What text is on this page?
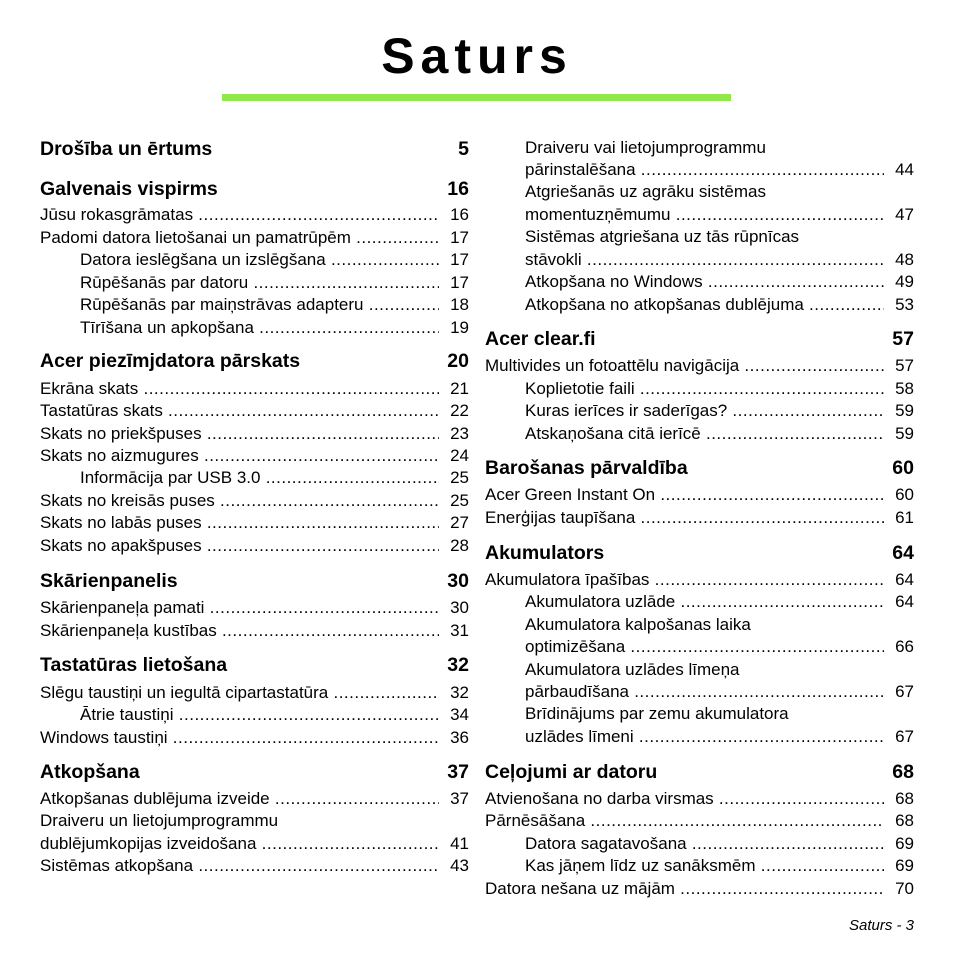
Saturs
Drošība un ērtums	5
Galvenais vispirms	16
Jūsu rokasgrāmatas .....	16
Padomi datora lietošanai un pamatrūpēm .....	17
Datora ieslēgšana un izslēgšana .....	17
Rūpēšanās par datoru .....	17
Rūpēšanās par maiņstrāvas adapteru .....	18
Tīrīšana un apkopšana .....	19
Acer piezīmjdatora pārskats	20
Ekrāna skats .....	21
Tastatūras skats .....	22
Skats no priekšpuses .....	23
Skats no aizmugures .....	24
Informācija par USB 3.0 .....	25
Skats no kreisās puses .....	25
Skats no labās puses .....	27
Skats no apakšpuses .....	28
Skārienpanelis	30
Skārienpaneļa pamati .....	30
Skārienpaneļa kustības .....	31
Tastatūras lietošana	32
Slēgu taustiņi un iegultā cipartastatūra .....	32
Ātrie taustiņi .....	34
Windows taustiņi .....	36
Atkopšana	37
Atkopšanas dublējuma izveide .....	37
Draiveru un lietojumprogrammu
dublējumkopijas izveidošana .....	41
Sistēmas atkopšana .....	43
Draiveru vai lietojumprogrammu
pārinstalēšana .....	44
Atgriešanās uz agrāku sistēmas
momentuzņēmumu .....	47
Sistēmas atgriešana uz tās rūpnīcas
stāvokli .....	48
Atkopšana no Windows .....	49
Atkopšana no atkopšanas dublējuma .....	53
Acer clear.fi	57
Multivides un fotoattēlu navigācija .....	57
Koplietotie faili .....	58
Kuras ierīces ir saderīgas? .....	59
Atskaņošana citā ierīcē .....	59
Barošanas pārvaldība	60
Acer Green Instant On .....	60
Enerģijas taupīšana .....	61
Akumulators	64
Akumulatora īpašības .....	64
Akumulatora uzlāde .....	64
Akumulatora kalpošanas laika
optimizēšana .....	66
Akumulatora uzlādes līmeņa
pārbaudīšana .....	67
Brīdinājums par zemu akumulatora
uzlādes līmeni .....	67
Ceļojumi ar datoru	68
Atvienošana no darba virsmas .....	68
Pārnēsāšana .....	68
Datora sagatavošana .....	69
Kas jāņem līdz uz sanāksmēm .....	69
Datora nešana uz mājām .....	70
Saturs - 3
